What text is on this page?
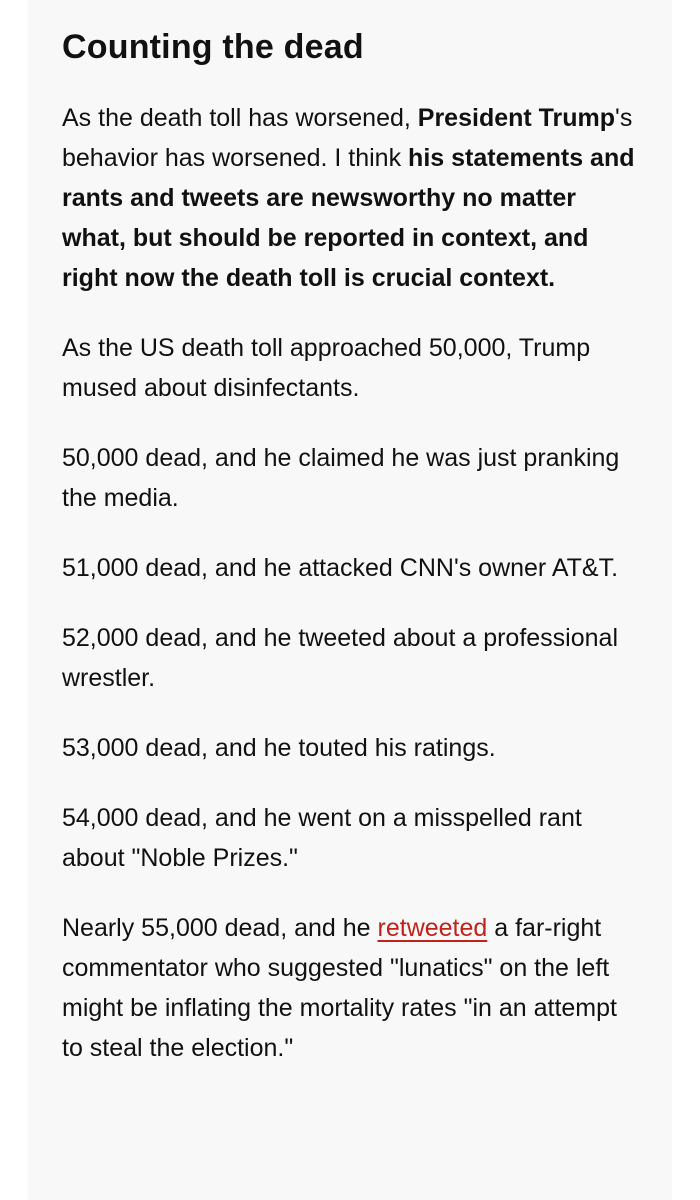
Counting the dead

As the death toll has worsened, President Trump's behavior has worsened. I think his statements and rants and tweets are newsworthy no matter what, but should be reported in context, and right now the death toll is crucial context.

As the US death toll approached 50,000, Trump mused about disinfectants.

50,000 dead, and he claimed he was just pranking the media.

51,000 dead, and he attacked CNN's owner AT&T.

52,000 dead, and he tweeted about a professional wrestler.

53,000 dead, and he touted his ratings.

54,000 dead, and he went on a misspelled rant about "Noble Prizes."

Nearly 55,000 dead, and he retweeted a far-right commentator who suggested "lunatics" on the left might be inflating the mortality rates "in an attempt to steal the election."
